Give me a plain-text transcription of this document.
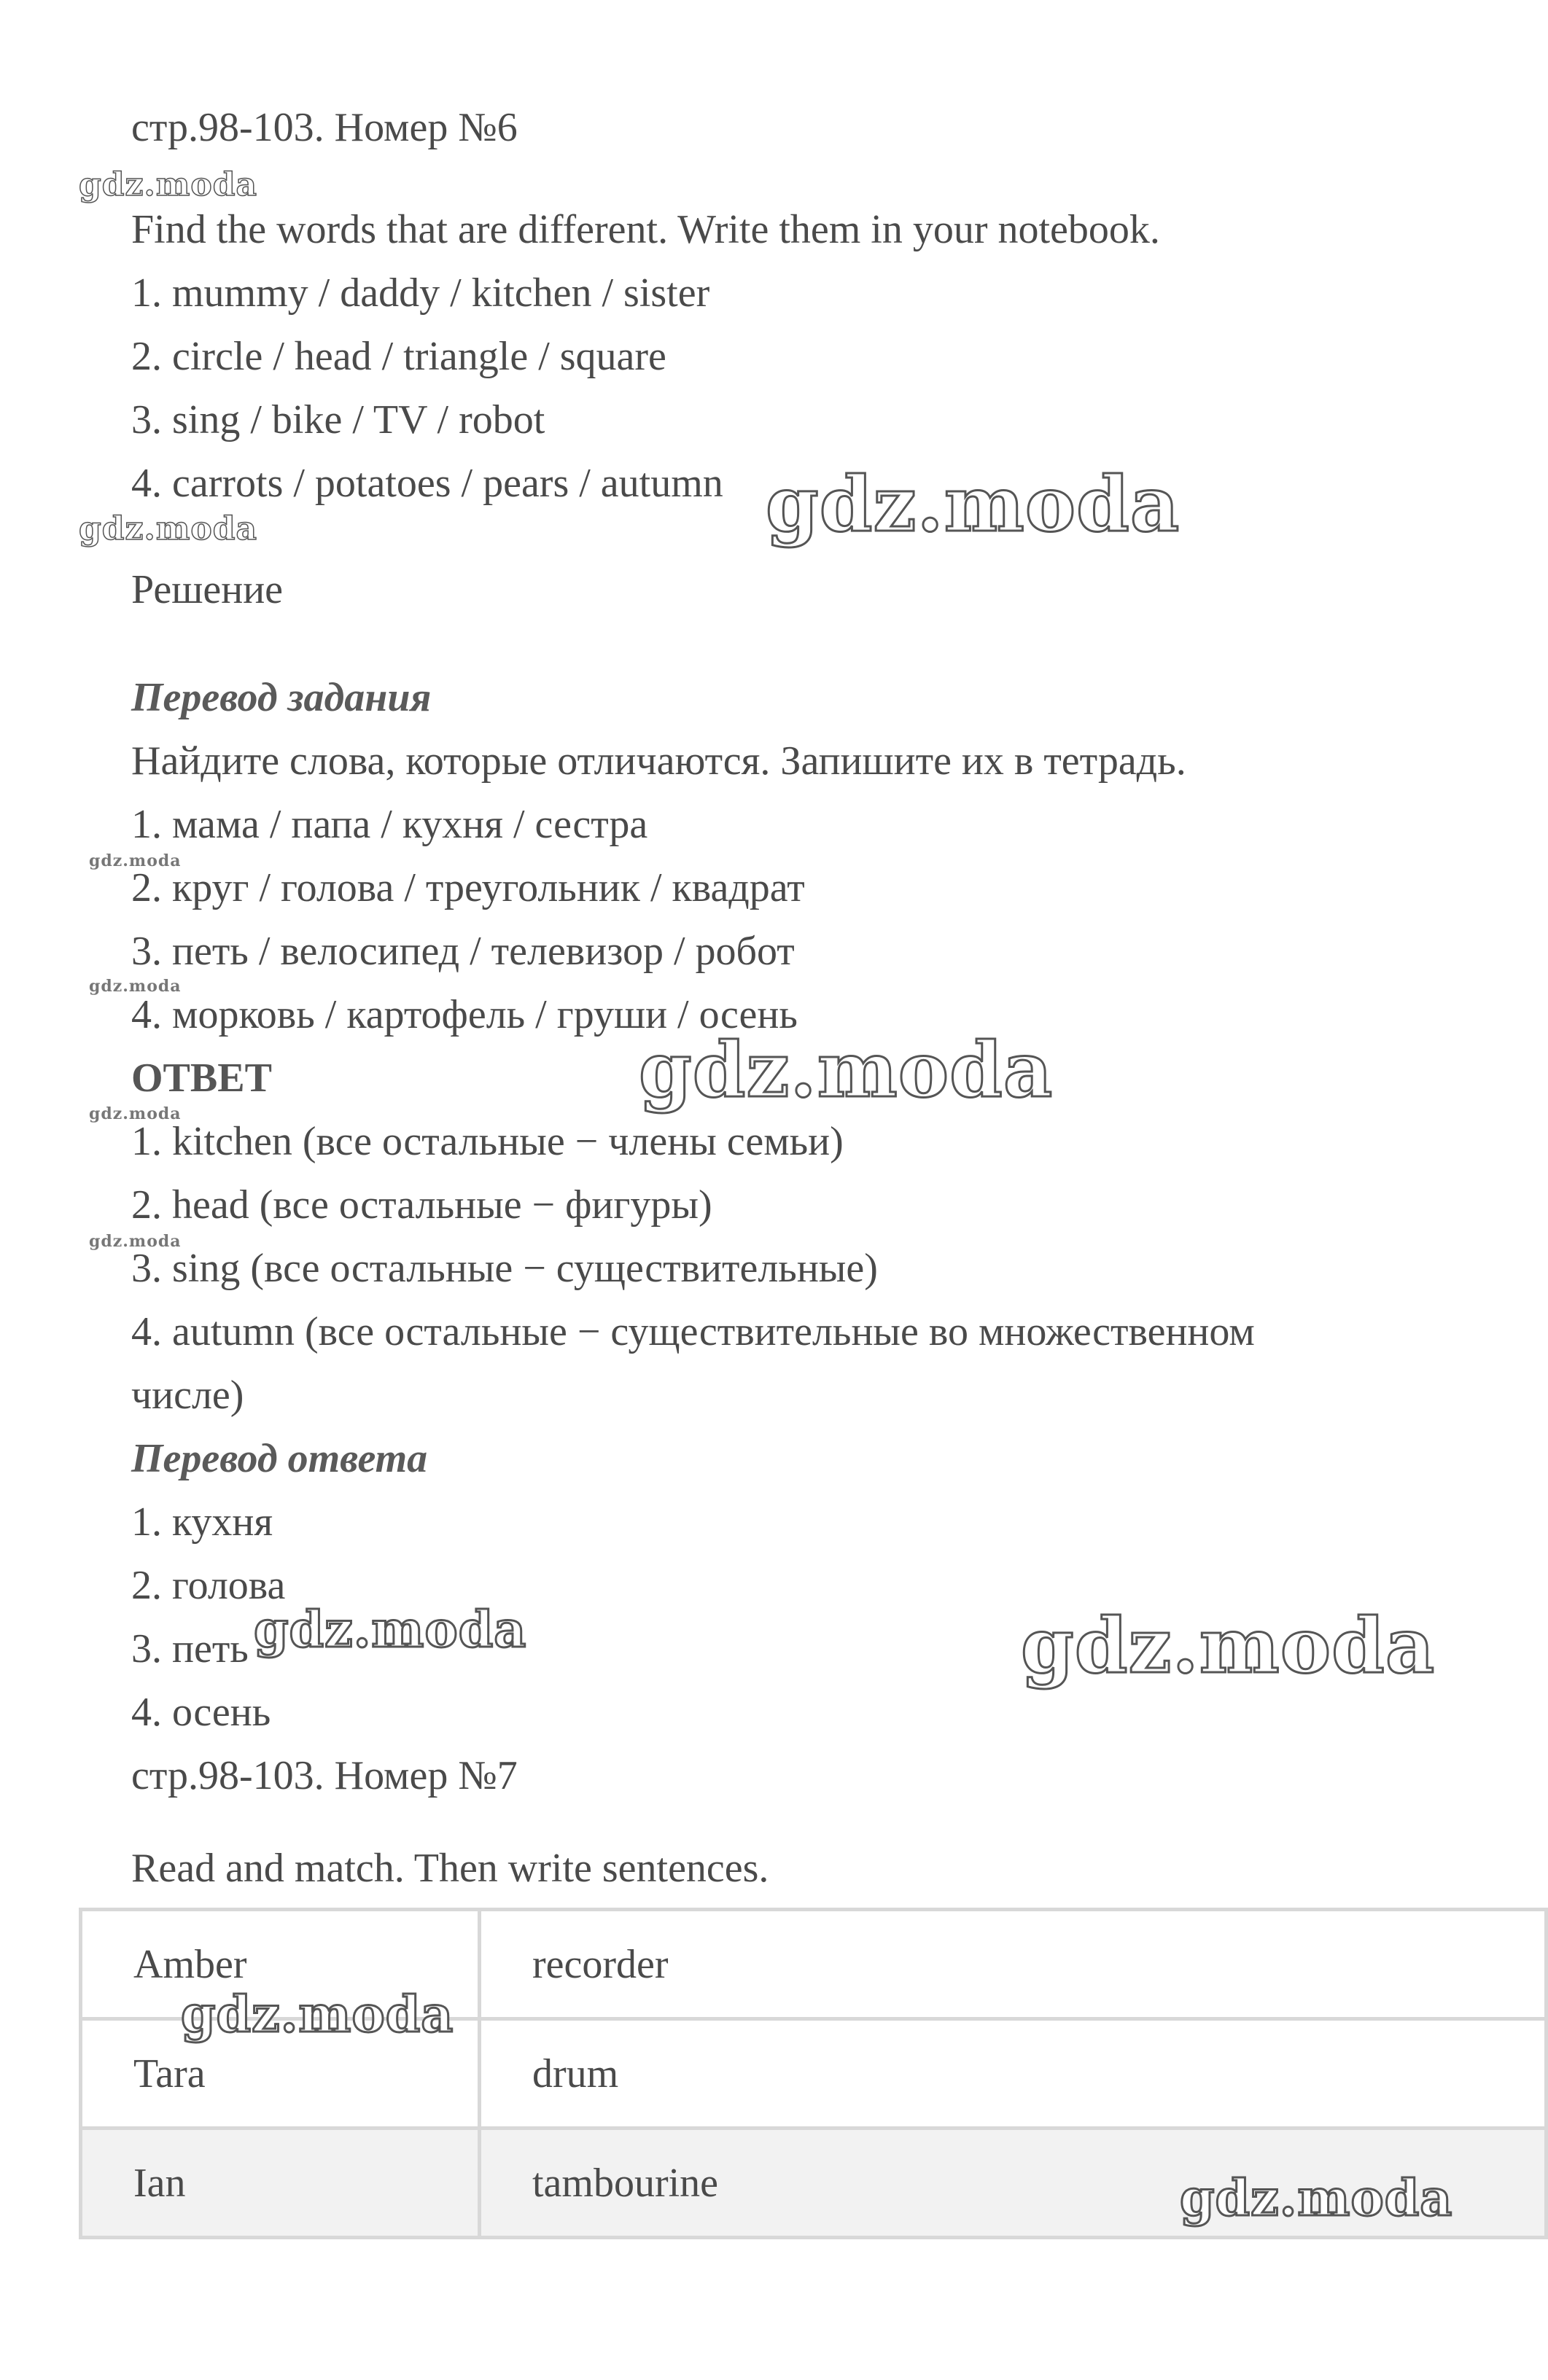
стр.98-103. Номер №6
Find the words that are different. Write them in your notebook.
1. mummy / daddy / kitchen / sister
2. circle / head / triangle / square
3. sing / bike / TV / robot
4. carrots / potatoes / pears / autumn
Решение
Перевод задания
Найдите слова, которые отличаются. Запишите их в тетрадь.
1. мама / папа / кухня / сестра
2. круг / голова / треугольник / квадрат
3. петь / велосипед / телевизор / робот
4. морковь / картофель / груши / осень
ОТВЕТ
1. kitchen (все остальные − члены семьи)
2. head (все остальные − фигуры)
3. sing (все остальные − существительные)
4. autumn (все остальные − существительные во множественном
числе)
Перевод ответа
1. кухня
2. голова
3. петь
4. осень
стр.98-103. Номер №7
Read and match. Then write sentences.
Amber	recorder
Tara	drum
Ian	tambourine
gdz.moda
gdz.moda	gdz.moda
gdz.moda
gdz.moda
gdz.moda
gdz.moda
gdz.moda
gdz.moda	gdz.moda
gdz.moda
gdz.moda
